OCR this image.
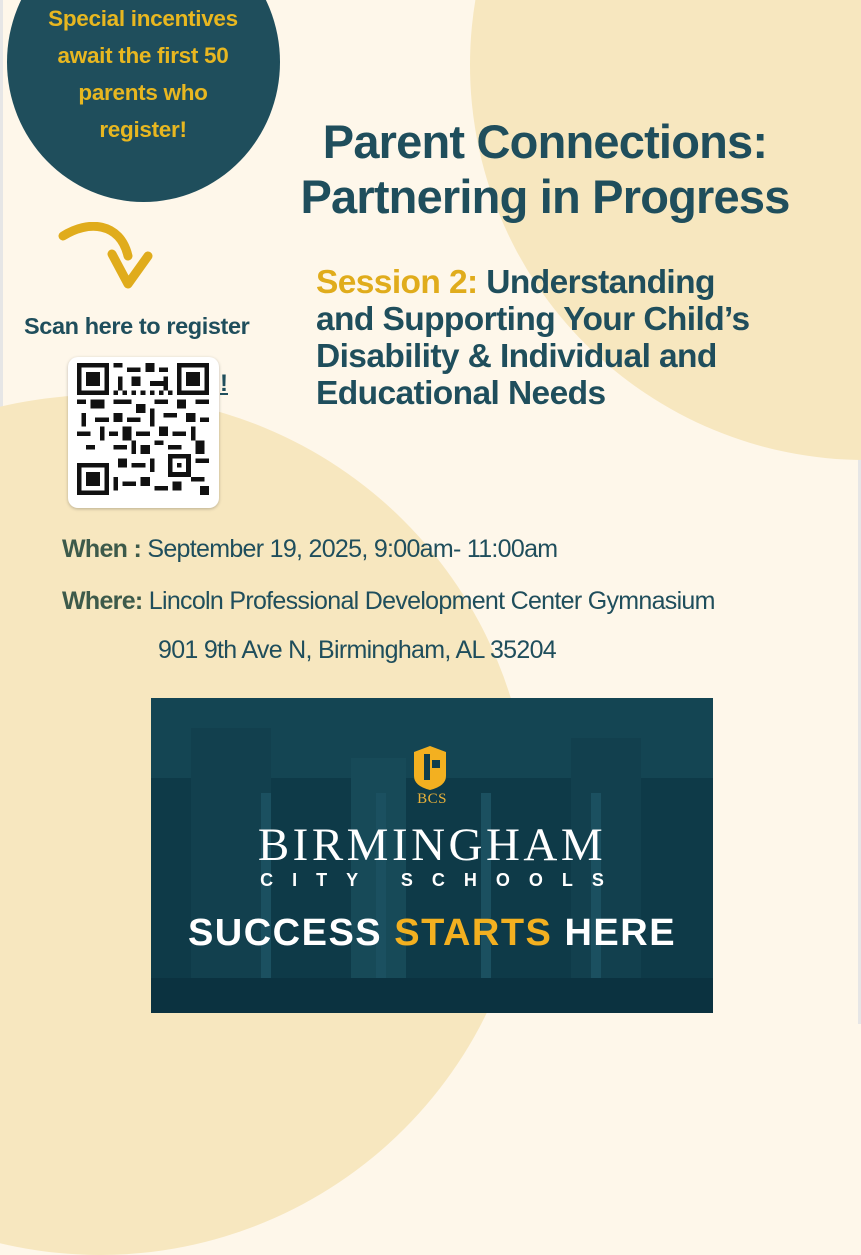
Special incentives
await the first 50
parents who
register!	Parent Connections:
Partnering in Progress
Session 2: Understanding
and Supporting Your Child’s
Disability & Individual and
Educational Needs
Scan here to register
!
When : September 19, 2025, 9:00am- 11:00am
Where: Lincoln Professional Development Center Gymnasium
901 9th Ave N, Birmingham, AL 35204
BCS
BIRMINGHAM
CITY SCHOOLS
SUCCESS STARTS HERE
